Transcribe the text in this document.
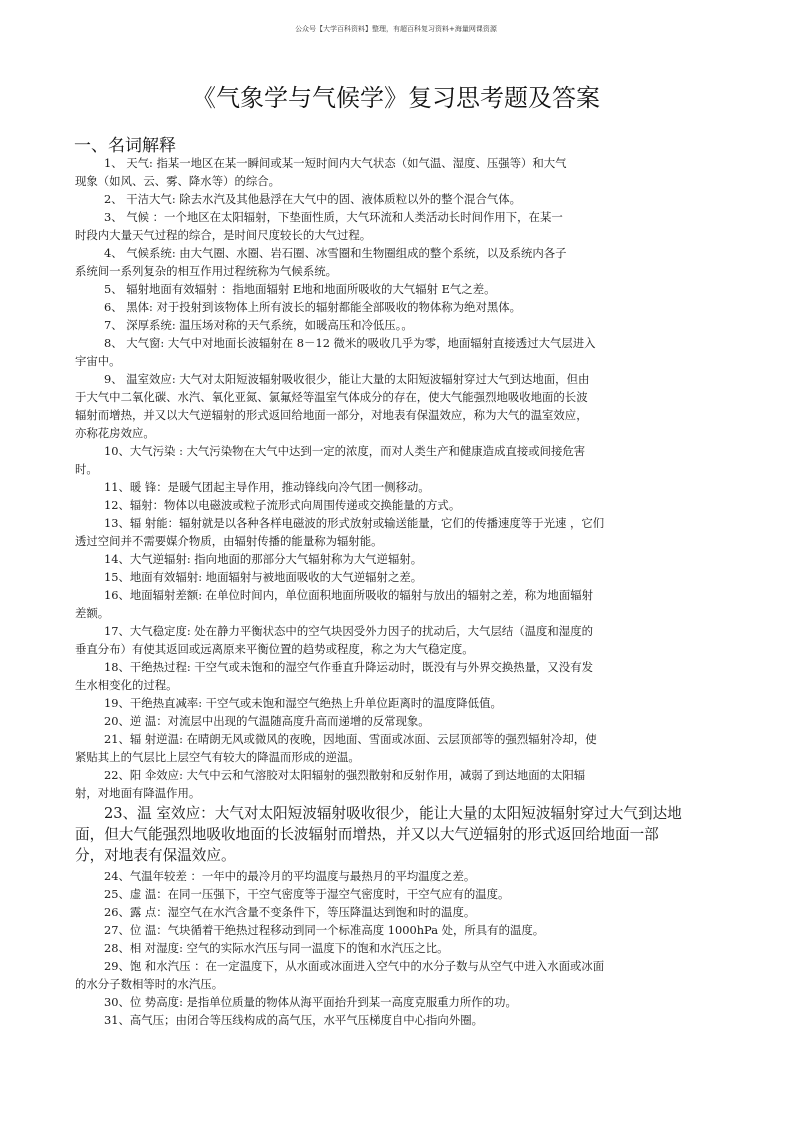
公众号【大学百科资料】整理，有超百科复习资料+海量网课资源
《气象学与气候学》复习思考题及答案
一、名词解释
1、 天气: 指某一地区在某一瞬间或某一短时间内大气状态（如气温、湿度、压强等）和大气
现象（如风、云、雾、降水等）的综合。
2、 干洁大气: 除去水汽及其他悬浮在大气中的固、液体质粒以外的整个混合气体。
3、 气候 ：一个地区在太阳辐射，下垫面性质，大气环流和人类活动长时间作用下，在某一
时段内大量天气过程的综合，是时间尺度较长的大气过程。
4、 气候系统: 由大气圈、水圈、岩石圈、冰雪圈和生物圈组成的整个系统，以及系统内各子
系统间一系列复杂的相互作用过程统称为气候系统。
5、 辐射地面有效辐射 ：指地面辐射 E地和地面所吸收的大气辐射 E气之差。
6、 黑体: 对于投射到该物体上所有波长的辐射都能全部吸收的物体称为绝对黑体。
7、 深厚系统: 温压场对称的天气系统，如暖高压和冷低压。。
8、 大气窗: 大气中对地面长波辐射在 8－12 微米的吸收几乎为零，地面辐射直接透过大气层进入
宇宙中。
9、 温室效应: 大气对太阳短波辐射吸收很少，能让大量的太阳短波辐射穿过大气到达地面，但由
于大气中二氧化碳、水汽、氧化亚氮、氯氟烃等温室气体成分的存在，使大气能强烈地吸收地面的长波
辐射而增热，并又以大气逆辐射的形式返回给地面一部分，对地表有保温效应，称为大气的温室效应，
亦称花房效应。
10、大气污染 : 大气污染物在大气中达到一定的浓度，而对人类生产和健康造成直接或间接危害
时。
11、暖 锋：是暖气团起主导作用，推动锋线向冷气团一侧移动。
12、辐射：物体以电磁波或粒子流形式向周围传递或交换能量的方式。
13、辐 射能：辐射就是以各种各样电磁波的形式放射或输送能量，它们的传播速度等于光速 ，它们
透过空间并不需要媒介物质，由辐射传播的能量称为辐射能。
14、大气逆辐射: 指向地面的那部分大气辐射称为大气逆辐射。
15、地面有效辐射: 地面辐射与被地面吸收的大气逆辐射之差。
16、地面辐射差额: 在单位时间内，单位面积地面所吸收的辐射与放出的辐射之差，称为地面辐射
差额。
17、大气稳定度: 处在静力平衡状态中的空气块因受外力因子的扰动后，大气层结（温度和湿度的
垂直分布）有使其返回或远离原来平衡位置的趋势或程度，称之为大气稳定度。
18、干绝热过程: 干空气或未饱和的湿空气作垂直升降运动时，既没有与外界交换热量，又没有发
生水相变化的过程。
19、干绝热直减率: 干空气或未饱和湿空气绝热上升单位距离时的温度降低值。
20、逆 温：对流层中出现的气温随高度升高而递增的反常现象。
21、辐 射逆温: 在晴朗无风或微风的夜晚，因地面、雪面或冰面、云层顶部等的强烈辐射冷却，使
紧贴其上的气层比上层空气有较大的降温而形成的逆温。
22、阳 伞效应: 大气中云和气溶胶对太阳辐射的强烈散射和反射作用，减弱了到达地面的太阳辐
射，对地面有降温作用。
23、温 室效应：大气对太阳短波辐射吸收很少，能让大量的太阳短波辐射穿过大气到达地
面，但大气能强烈地吸收地面的长波辐射而增热，并又以大气逆辐射的形式返回给地面一部
分，对地表有保温效应。
24、气温年较差 ：一年中的最冷月的平均温度与最热月的平均温度之差。
25、虚 温：在同一压强下，干空气密度等于湿空气密度时，干空气应有的温度。
26、露 点：湿空气在水汽含量不变条件下，等压降温达到饱和时的温度。
27、位 温：气块循着干绝热过程移动到同一个标准高度 1000hPa 处，所具有的温度。
28、相 对湿度: 空气的实际水汽压与同一温度下的饱和水汽压之比。
29、饱 和水汽压 ：在一定温度下，从水面或冰面进入空气中的水分子数与从空气中进入水面或冰面
的水分子数相等时的水汽压。
30、位 势高度: 是指单位质量的物体从海平面抬升到某一高度克服重力所作的功。
31、高气压；由闭合等压线构成的高气压，水平气压梯度自中心指向外圈。
